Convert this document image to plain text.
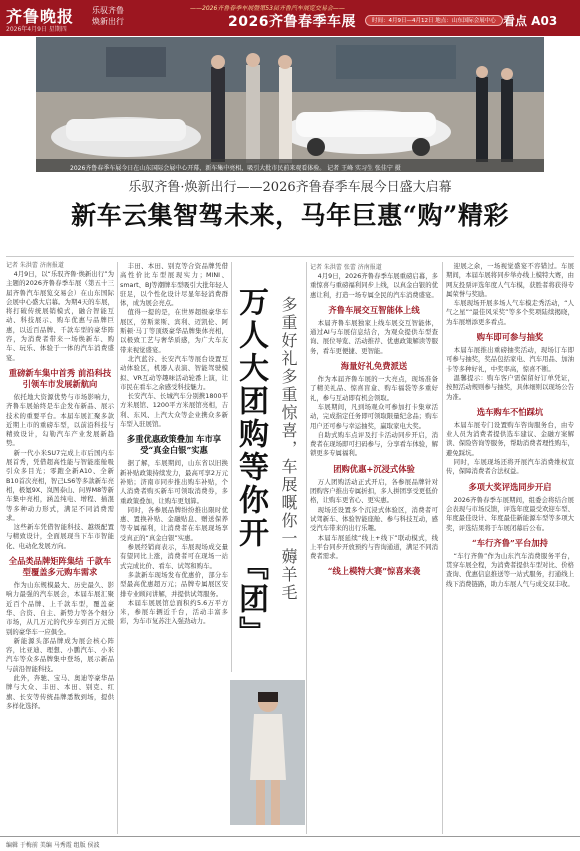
齐鲁晚报
2026年4月9日 星期四
乐驭齐鲁
焕新出行
——2026齐鲁春季车展暨第53届齐鲁汽车展览交易会——
2026齐鲁春季车展	时间：4月9日—4月12日 地点：山东国际会展中心 看点 A03
2026齐鲁春季车展今日在山东国际会展中心开幕，新车集中亮相，吸引大批市民前来观看体验。 记者 王峰 实习生 张佳宁 摄
乐驭齐鲁·焕新出行——2026齐鲁春季车展今日盛大启幕
新车云集智驾未来，马年巨惠“购”精彩
记者 朱洪蕾 济南报道

4月9日，以“乐驭齐鲁·焕新出行”为主题的2026齐鲁春季车展（第五十三届齐鲁汽车展览交易会）在山东国际会展中心盛大启幕。为期4天的车展，将打破传统展销模式，融合智能互动、科技展示、购车优惠与品牌巨惠，以近百品牌、千款车型的豪华阵容，为消费者带来一场焕新车、购车、玩乐、体验于一体的汽车消费盛宴。

重磅新车集中首秀 前沿科技引领车市发展新航向

依托地大资源优势与市场影响力，齐鲁车展始终是车企发布新品、展示技术的重要平台。本届车展汇聚多款近期上市的重磅车型，以前沿科技与精致设计，勾勒汽车产业发展新趋势。

新一代小米SU7完成上市后国内车展首秀，凭借超高性能与智能座舱吸引众多目光；零跑全新A10、全新B10首次亮相，智己LS6等多款新车亮相，极氪9X、岚图泰山、问界M8等新车集中亮相，涵盖纯电、增程、插混等多种动力形式，满足不同消费需求。

这些新车凭借智能科技、越级配置与精致设计，全面展现当下车市智能化、电动化发展方向。

全品类品牌矩阵集结 千款车型覆盖多元购车需求

作为山东规模最大、历史最久、影响力最强的汽车展会，本届车展汇聚近百个品牌、上千款车型，覆盖豪华、合资、自主、新势力等各个细分市场，从几万元的代步车到百万元级别的豪华车一应俱全。

新能源头部品牌成为展会核心阵容，比亚迪、理想、小鹏汽车、小米汽车等众多品牌集中登场，展示新品与前沿智能科技。

此外，奔驰、宝马、奥迪等豪华品牌与大众、丰田、本田、别克、红旗、长安等传统品牌悉数到场，提供多样化选择。

丰田、本田、别克等合资品牌凭借高性价比车型展现实力；MINI、smart、BJ等潮牌车型吸引大批年轻人驻足，以个性化设计尽显年轻消费群体，成为展会亮点。

值得一提的是，在世界超级豪华车展区，劳斯莱斯、宾利、迈凯伦、阿斯顿·马丁等顶级豪华品牌集体亮相，以极致工艺与奢华质感，为广大车友带来视觉盛宴。

北汽蓝谷、长安汽车等展台设置互动体验区，机器人表演、智能驾驶模拟、VR互动等趣味活动轮番上演，让市民在看车之余感受科技魅力。

长安汽车、长城汽车分别携1800平方米展馆、1200平方米展馆亮相，吉利、东风、上汽大众等企业携众多新车型入驻展馆。

多重优惠政策叠加 车市享受“真金白银”实惠

据了解，车展期间，山东省以旧换新补贴政策持续发力，最高可享2万元补贴；济南市同步推出购车补贴，个人消费者购买新车可领取消费券，多重政策叠加，让购车更划算。

同时，各参展品牌纷纷推出限时优惠、置换补贴、金融贴息、赠送保养等专属福利，让消费者在车展现场享受真正的“真金白银”实惠。

参展经销商表示，车展现场成交量有望同比上涨，消费者可在现场一站式完成比价、看车、试驾和购车。

多款新车现场发布优惠价，部分车型最高优惠超万元；品牌专属展区安排专业顾问讲解，并提供试驾服务。

本届车展展馆总面积约5.6万平方米，参展车辆近千台，活动丰富多彩，为车市复苏注入强劲动力。 万人大团购等你开『团』 多重好礼多重惊喜，车展嘅你一薅羊毛
记者 朱洪蕾 张蕾 济南报道

4月9日，2026齐鲁春季车展重磅启幕，多重惊喜与重磅福利同步上线，以真金白银的优惠让利，打造一场专属全民的汽车消费盛宴。

齐鲁车展交互智能体上线

本届齐鲁车展独家上线车展交互智能体，通过AI与车展信息结合，为观众提供车型查询、展位导览、活动推荐、优惠政策解读等服务，看车更便捷、更智能。

海量好礼免费派送

作为本届齐鲁车展的一大亮点，现场准备了精美礼品、惊喜盲盒、购车福袋等多重好礼，参与互动即有机会领取。

车展期间，凡到场观众可参加打卡集章活动，完成指定任务即可领取限量纪念品；购车用户还可参与幸运抽奖，赢取家电大奖。

自助式购车点评及打卡活动同步开启，消费者在现场即可扫码参与，分享看车体验，解锁更多专属福利。

团购优惠+沉浸式体验

万人团购活动正式开启，各参展品牌针对团购客户推出专属折扣，多人拼团享受更低价格，让购车更省心、更实惠。

现场还设置多个沉浸式体验区，消费者可试驾新车、体验智能座舱、参与科技互动，感受汽车带来的出行乐趣。

本届车展延续“线上+线下”联动模式，线上平台同步开放预约与咨询通道，满足不同消费者需求。

“线上模特大赛”惊喜来袭

迎展之余，一场视觉盛宴不容错过。车展期间，本届车展将同步举办线上模特大赛，由网友投票评选年度人气车模，获胜者将获得专属荣誉与奖励。

车展现场开展多场人气车模走秀活动，“人气之星”“最佳风采奖”等多个奖项陆续揭晓，为车展增添更多看点。

购车即可参与抽奖

本届车展推出重磅抽奖活动，现场订车即可参与抽奖，奖品包括家电、汽车用品、加油卡等多种好礼，中奖率高，惊喜不断。

温馨提示：购车客户需保留好订单凭证，按照活动规则参与抽奖，具体细则以现场公告为准。

选车购车不怕踩坑

本届车展专门设置购车咨询服务台，由专业人员为消费者提供选车建议、金融方案解读、保险咨询等服务，帮助消费者理性购车，避免踩坑。

同时，车展现场还将开展汽车消费维权宣传，保障消费者合法权益。

多项大奖评选同步开启

2026齐鲁春季车展期间，组委会将结合展会表现与市场反馈，评选年度最受欢迎车型、年度最佳设计、年度最佳新能源车型等多项大奖，评选结果将于车展闭幕后公布。

“车行齐鲁”平台加持

“车行齐鲁”作为山东汽车消费服务平台，贯穿车展全程，为消费者提供车型对比、价格查询、优惠信息推送等一站式服务，打通线上线下消费链路，助力车展人气与成交双丰收。

编辑 于梅前 美编 马秀霞 组版 侯波
